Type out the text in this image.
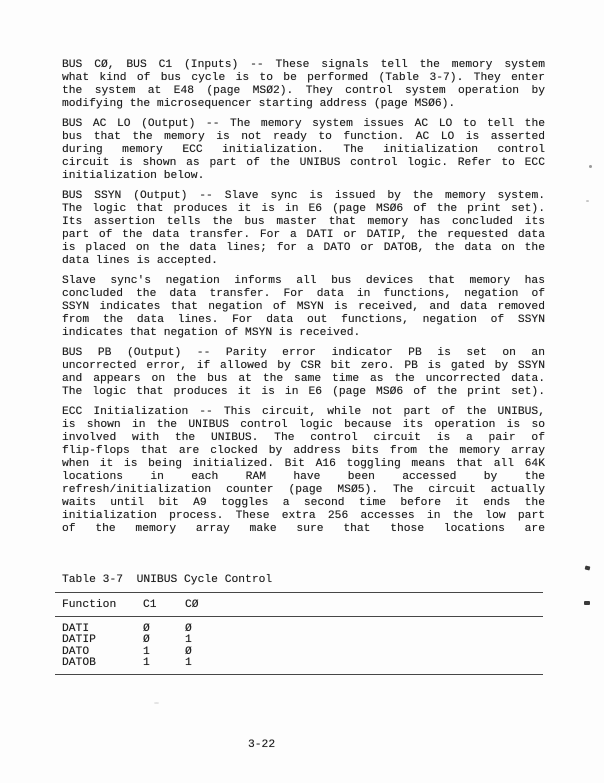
BUS CØ, BUS C1 (Inputs) -- These signals tell the memory system
what kind of bus cycle is to be performed (Table 3-7). They enter
the system at E48 (page MSØ2). They control system operation by
modifying the microsequencer starting address (page MSØ6).
BUS AC LO (Output) -- The memory system issues AC LO to tell the
bus that the memory is not ready to function. AC LO is asserted
during memory ECC initialization. The initialization control
circuit is shown as part of the UNIBUS control logic. Refer to ECC
initialization below.
BUS SSYN (Output) -- Slave sync is issued by the memory system.
The logic that produces it is in E6 (page MSØ6 of the print set).
Its assertion tells the bus master that memory has concluded its
part of the data transfer. For a DATI or DATIP, the requested data
is placed on the data lines; for a DATO or DATOB, the data on the
data lines is accepted.
Slave sync's negation informs all bus devices that memory has
concluded the data transfer. For data in functions, negation of
SSYN indicates that negation of MSYN is received, and data removed
from the data lines. For data out functions, negation of SSYN
indicates that negation of MSYN is received.
BUS PB (Output) -- Parity error indicator PB is set on an
uncorrected error, if allowed by CSR bit zero. PB is gated by SSYN
and appears on the bus at the same time as the uncorrected data.
The logic that produces it is in E6 (page MSØ6 of the print set).
ECC Initialization -- This circuit, while not part of the UNIBUS,
is shown in the UNIBUS control logic because its operation is so
involved with the UNIBUS. The control circuit is a pair of
flip-flops that are clocked by address bits from the memory array
when it is being initialized. Bit A16 toggling means that all 64K
locations in each RAM have been accessed by the
refresh/initialization counter (page MSØ5). The circuit actually
waits until bit A9 toggles a second time before it ends the
initialization process. These extra 256 accesses in the low part
of the memory array make sure that those locations are
Table 3-7  UNIBUS Cycle Control
Function	C1	CØ
DATI	Ø	Ø
DATIP	Ø	1
DATO	1	Ø
DATOB	1	1
3-22
